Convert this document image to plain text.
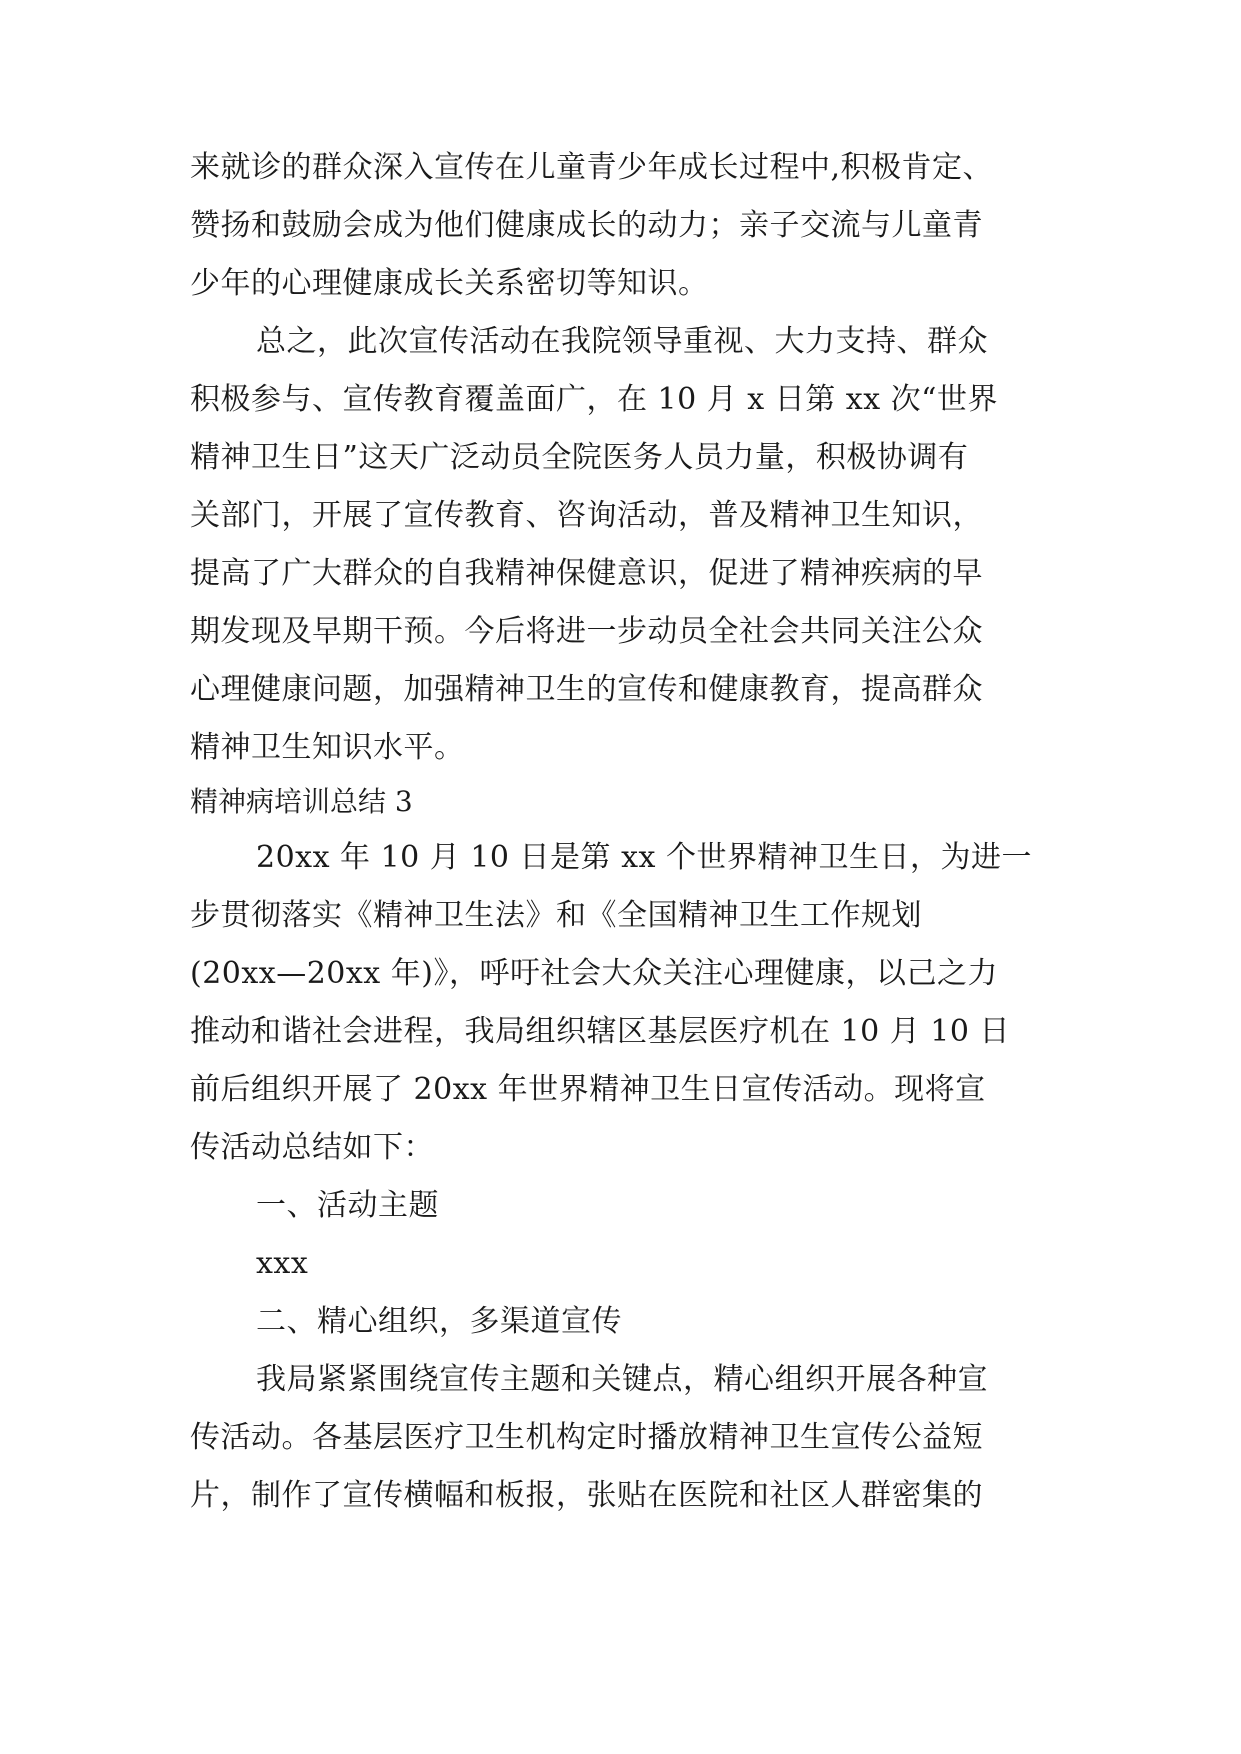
来就诊的群众深入宣传在儿童青少年成长过程中,积极肯定、
赞扬和鼓励会成为他们健康成长的动力；亲子交流与儿童青
少年的心理健康成长关系密切等知识。
总之，此次宣传活动在我院领导重视、大力支持、群众
积极参与、宣传教育覆盖面广，在 10 月 x 日第 xx 次“世界
精神卫生日”这天广泛动员全院医务人员力量，积极协调有
关部门，开展了宣传教育、咨询活动，普及精神卫生知识，
提高了广大群众的自我精神保健意识，促进了精神疾病的早
期发现及早期干预。今后将进一步动员全社会共同关注公众
心理健康问题，加强精神卫生的宣传和健康教育，提高群众
精神卫生知识水平。
精神病培训总结 3
20xx 年 10 月 10 日是第 xx 个世界精神卫生日，为进一
步贯彻落实《精神卫生法》和《全国精神卫生工作规划
(20xx—20xx 年)》，呼吁社会大众关注心理健康，以己之力
推动和谐社会进程，我局组织辖区基层医疗机在 10 月 10 日
前后组织开展了 20xx 年世界精神卫生日宣传活动。现将宣
传活动总结如下：
一、活动主题
xxx
二、精心组织，多渠道宣传
我局紧紧围绕宣传主题和关键点，精心组织开展各种宣
传活动。各基层医疗卫生机构定时播放精神卫生宣传公益短
片，制作了宣传横幅和板报，张贴在医院和社区人群密集的
